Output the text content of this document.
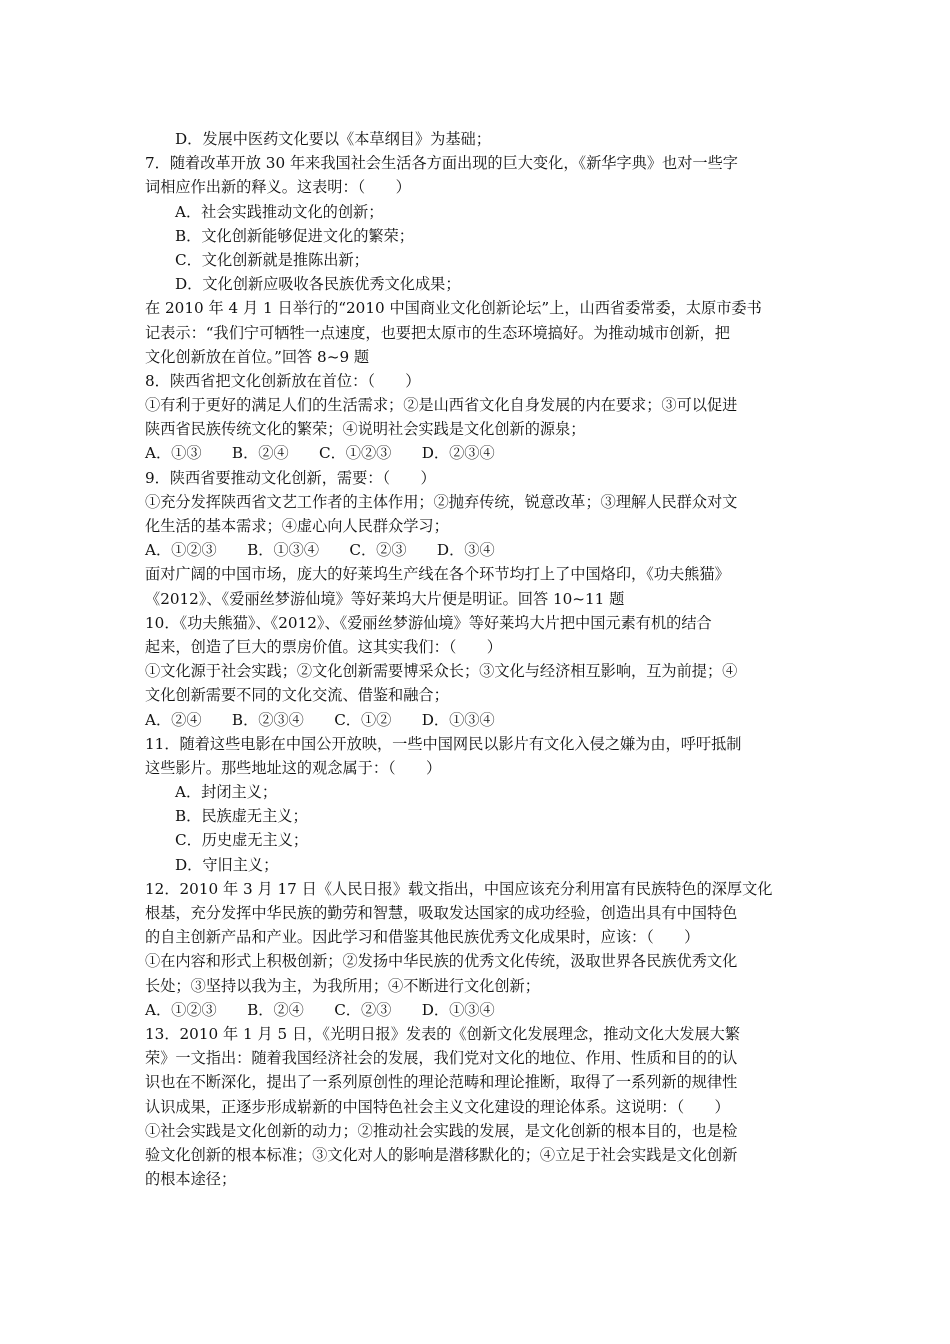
D．发展中医药文化要以《本草纲目》为基础；
7．随着改革开放 30 年来我国社会生活各方面出现的巨大变化，《新华字典》也对一些字
词相应作出新的释义。这表明：（　　）
A．社会实践推动文化的创新；
B．文化创新能够促进文化的繁荣；
C．文化创新就是推陈出新；
D．文化创新应吸收各民族优秀文化成果；
在 2010 年 4 月 1 日举行的“2010 中国商业文化创新论坛”上，山西省委常委，太原市委书
记表示：“我们宁可牺牲一点速度，也要把太原市的生态环境搞好。为推动城市创新，把
文化创新放在首位。”回答 8~9 题
8．陕西省把文化创新放在首位：（　　）
①有利于更好的满足人们的生活需求；②是山西省文化自身发展的内在要求；③可以促进
陕西省民族传统文化的繁荣；④说明社会实践是文化创新的源泉；
A．①③　　B．②④　　C．①②③　　D．②③④
9．陕西省要推动文化创新，需要：（　　）
①充分发挥陕西省文艺工作者的主体作用；②抛弃传统，锐意改革；③理解人民群众对文
化生活的基本需求；④虚心向人民群众学习；
A．①②③　　B．①③④　　C．②③　　D．③④
面对广阔的中国市场，庞大的好莱坞生产线在各个环节均打上了中国烙印，《功夫熊猫》
《2012》、《爱丽丝梦游仙境》等好莱坞大片便是明证。回答 10~11 题
10．《功夫熊猫》、《2012》、《爱丽丝梦游仙境》等好莱坞大片把中国元素有机的结合
起来，创造了巨大的票房价值。这其实我们：（　　）
①文化源于社会实践；②文化创新需要博采众长；③文化与经济相互影响，互为前提；④
文化创新需要不同的文化交流、借鉴和融合；
A．②④　　B．②③④　　C．①②　　D．①③④
11．随着这些电影在中国公开放映，一些中国网民以影片有文化入侵之嫌为由，呼吁抵制
这些影片。那些地址这的观念属于：（　　）
A．封闭主义；
B．民族虚无主义；
C．历史虚无主义；
D．守旧主义；
12．2010 年 3 月 17 日《人民日报》载文指出，中国应该充分利用富有民族特色的深厚文化
根基，充分发挥中华民族的勤劳和智慧，吸取发达国家的成功经验，创造出具有中国特色
的自主创新产品和产业。因此学习和借鉴其他民族优秀文化成果时，应该：（　　）
①在内容和形式上积极创新；②发扬中华民族的优秀文化传统，汲取世界各民族优秀文化
长处；③坚持以我为主，为我所用；④不断进行文化创新；
A．①②③　　B．②④　　C．②③　　D．①③④
13．2010 年 1 月 5 日，《光明日报》发表的《创新文化发展理念，推动文化大发展大繁
荣》一文指出：随着我国经济社会的发展，我们党对文化的地位、作用、性质和目的的认
识也在不断深化，提出了一系列原创性的理论范畴和理论推断，取得了一系列新的规律性
认识成果，正逐步形成崭新的中国特色社会主义文化建设的理论体系。这说明：（　　）
①社会实践是文化创新的动力；②推动社会实践的发展，是文化创新的根本目的，也是检
验文化创新的根本标准；③文化对人的影响是潜移默化的；④立足于社会实践是文化创新
的根本途径；
